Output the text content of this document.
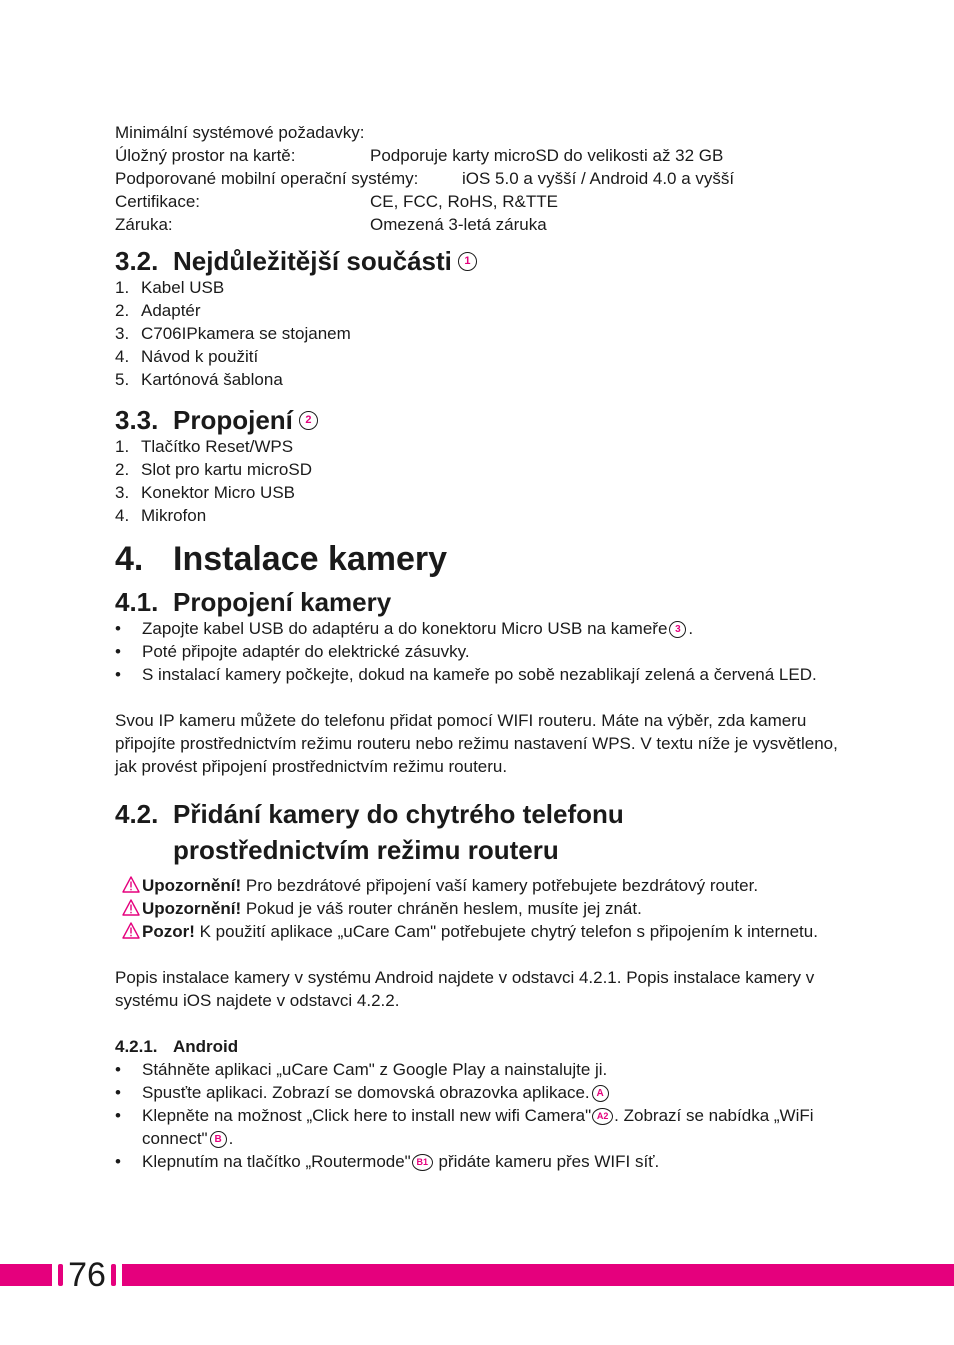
Minimální systémové požadavky:

Úložný prostor na kartě:	Podporuje karty microSD do velikosti až 32 GB
Podporované mobilní operační systémy:	iOS 5.0 a vyšší / Android 4.0 a vyšší
Certifikace:	CE, FCC, RoHS, R&TTE
Záruka:	Omezená 3-letá záruka
3.2. Nejdůležitější součásti	1
1. Kabel USB
2. Adaptér
3. C706IPkamera se stojanem
4. Návod k použití
5. Kartónová šablona
3.3. Propojení	2
1. Tlačítko Reset/WPS
2. Slot pro kartu microSD
3. Konektor Micro USB
4. Mikrofon
4. Instalace kamery
4.1. Propojení kamery
•	Zapojte kabel USB do adaptéru a do konektoru Micro USB na kameře 3 .
•	Poté připojte adaptér do elektrické zásuvky.
•	S instalací kamery počkejte, dokud na kameře po sobě nezablikají zelená a červená LED.

Svou IP kameru můžete do telefonu přidat pomocí WIFI routeru. Máte na výběr, zda kameru připojíte prostřednictvím režimu routeru nebo režimu nastavení WPS. V textu níže je vysvětleno, jak provést připojení prostřednictvím režimu routeru.

4.2. Přidání kamery do chytrého telefonu
prostřednictvím režimu routeru
Upozornění! Pro bezdrátové připojení vaší kamery potřebujete bezdrátový router.
Upozornění! Pokud je váš router chráněn heslem, musíte jej znát.
Pozor! K použití aplikace „uCare Cam" potřebujete chytrý telefon s připojením k internetu.

Popis instalace kamery v systému Android najdete v odstavci 4.2.1. Popis instalace kamery v systému iOS najdete v odstavci 4.2.2.

4.2.1. Android
•	Stáhněte aplikaci „uCare Cam" z Google Play a nainstalujte ji.
•	Spusťte aplikaci. Zobrazí se domovská obrazovka aplikace. A
•	Klepněte na možnost „Click here to install new wifi Camera" A2 . Zobrazí se nabídka „WiFi connect" B .
•	Klepnutím na tlačítko „Routermode" B1 přidáte kameru přes WIFI síť.
76
